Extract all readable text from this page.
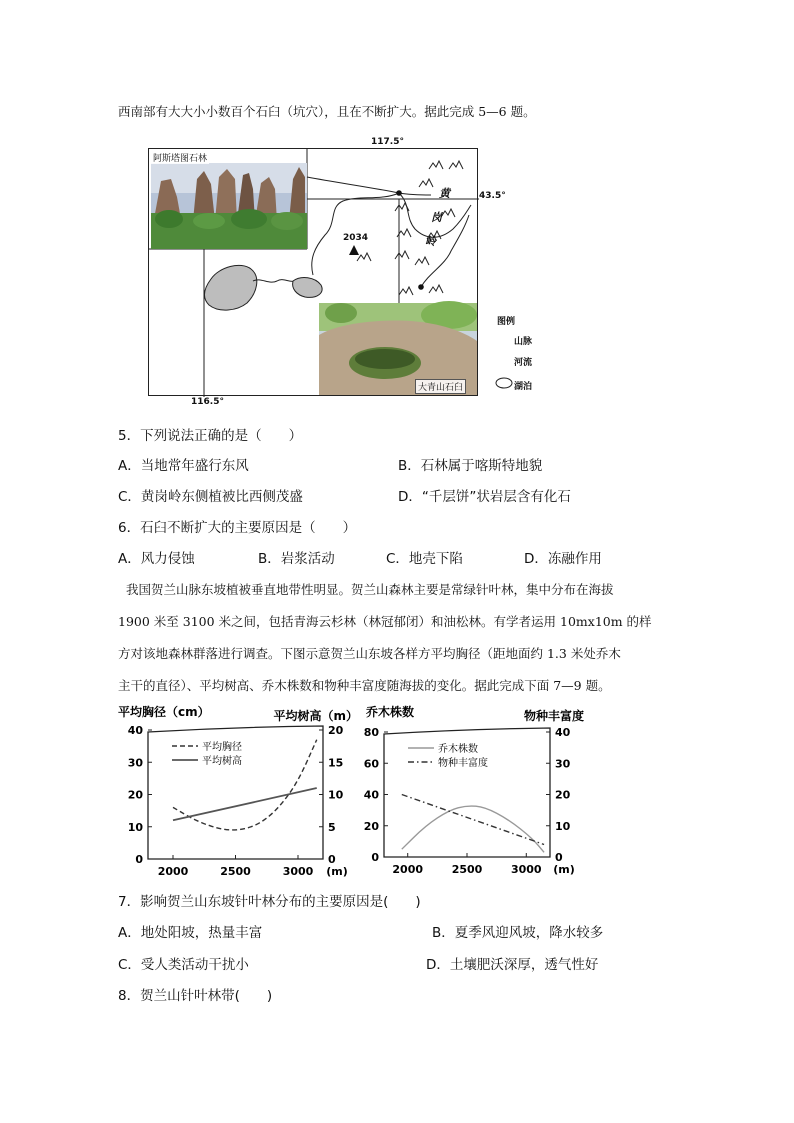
西南部有大大小小数百个石臼（坑穴），且在不断扩大。据此完成 5—6 题。
117.5°
116.5°
43.5°
2034
黄
岗
岭
阿斯塔图石林
大青山石臼
图例
山脉
河流
湖泊
5．下列说法正确的是（　　）
A．当地常年盛行东风	B．石林属于喀斯特地貌
C．黄岗岭东侧植被比西侧茂盛	D．“千层饼”状岩层含有化石
6．石臼不断扩大的主要原因是（　　）
A．风力侵蚀	B．岩浆活动	C．地壳下陷	D．冻融作用
我国贺兰山脉东坡植被垂直地带性明显。贺兰山森林主要是常绿针叶林，集中分布在海拔
1900 米至 3100 米之间，包括青海云杉林（林冠郁闭）和油松林。有学者运用 10mx10m 的样
方对该地森林群落进行调查。下图示意贺兰山东坡各样方平均胸径（距地面约 1.3 米处乔木
主干的直径）、平均树高、乔木株数和物种丰富度随海拔的变化。据此完成下面 7—9 题。
0
10
20
30
40
0
5
10
15
20
2000	2500	3000 (m)
平均胸径（cm）	平均树高（m）
平均胸径
平均树高
0
20
40
60
80
0
10
20
30
40
2000	2500	3000 (m)
乔木株数	物种丰富度
乔木株数
物种丰富度
7．影响贺兰山东坡针叶林分布的主要原因是(　　)
A．地处阳坡，热量丰富	B．夏季风迎风坡，降水较多
C．受人类活动干扰小	D．土壤肥沃深厚，透气性好
8．贺兰山针叶林带(　　)
